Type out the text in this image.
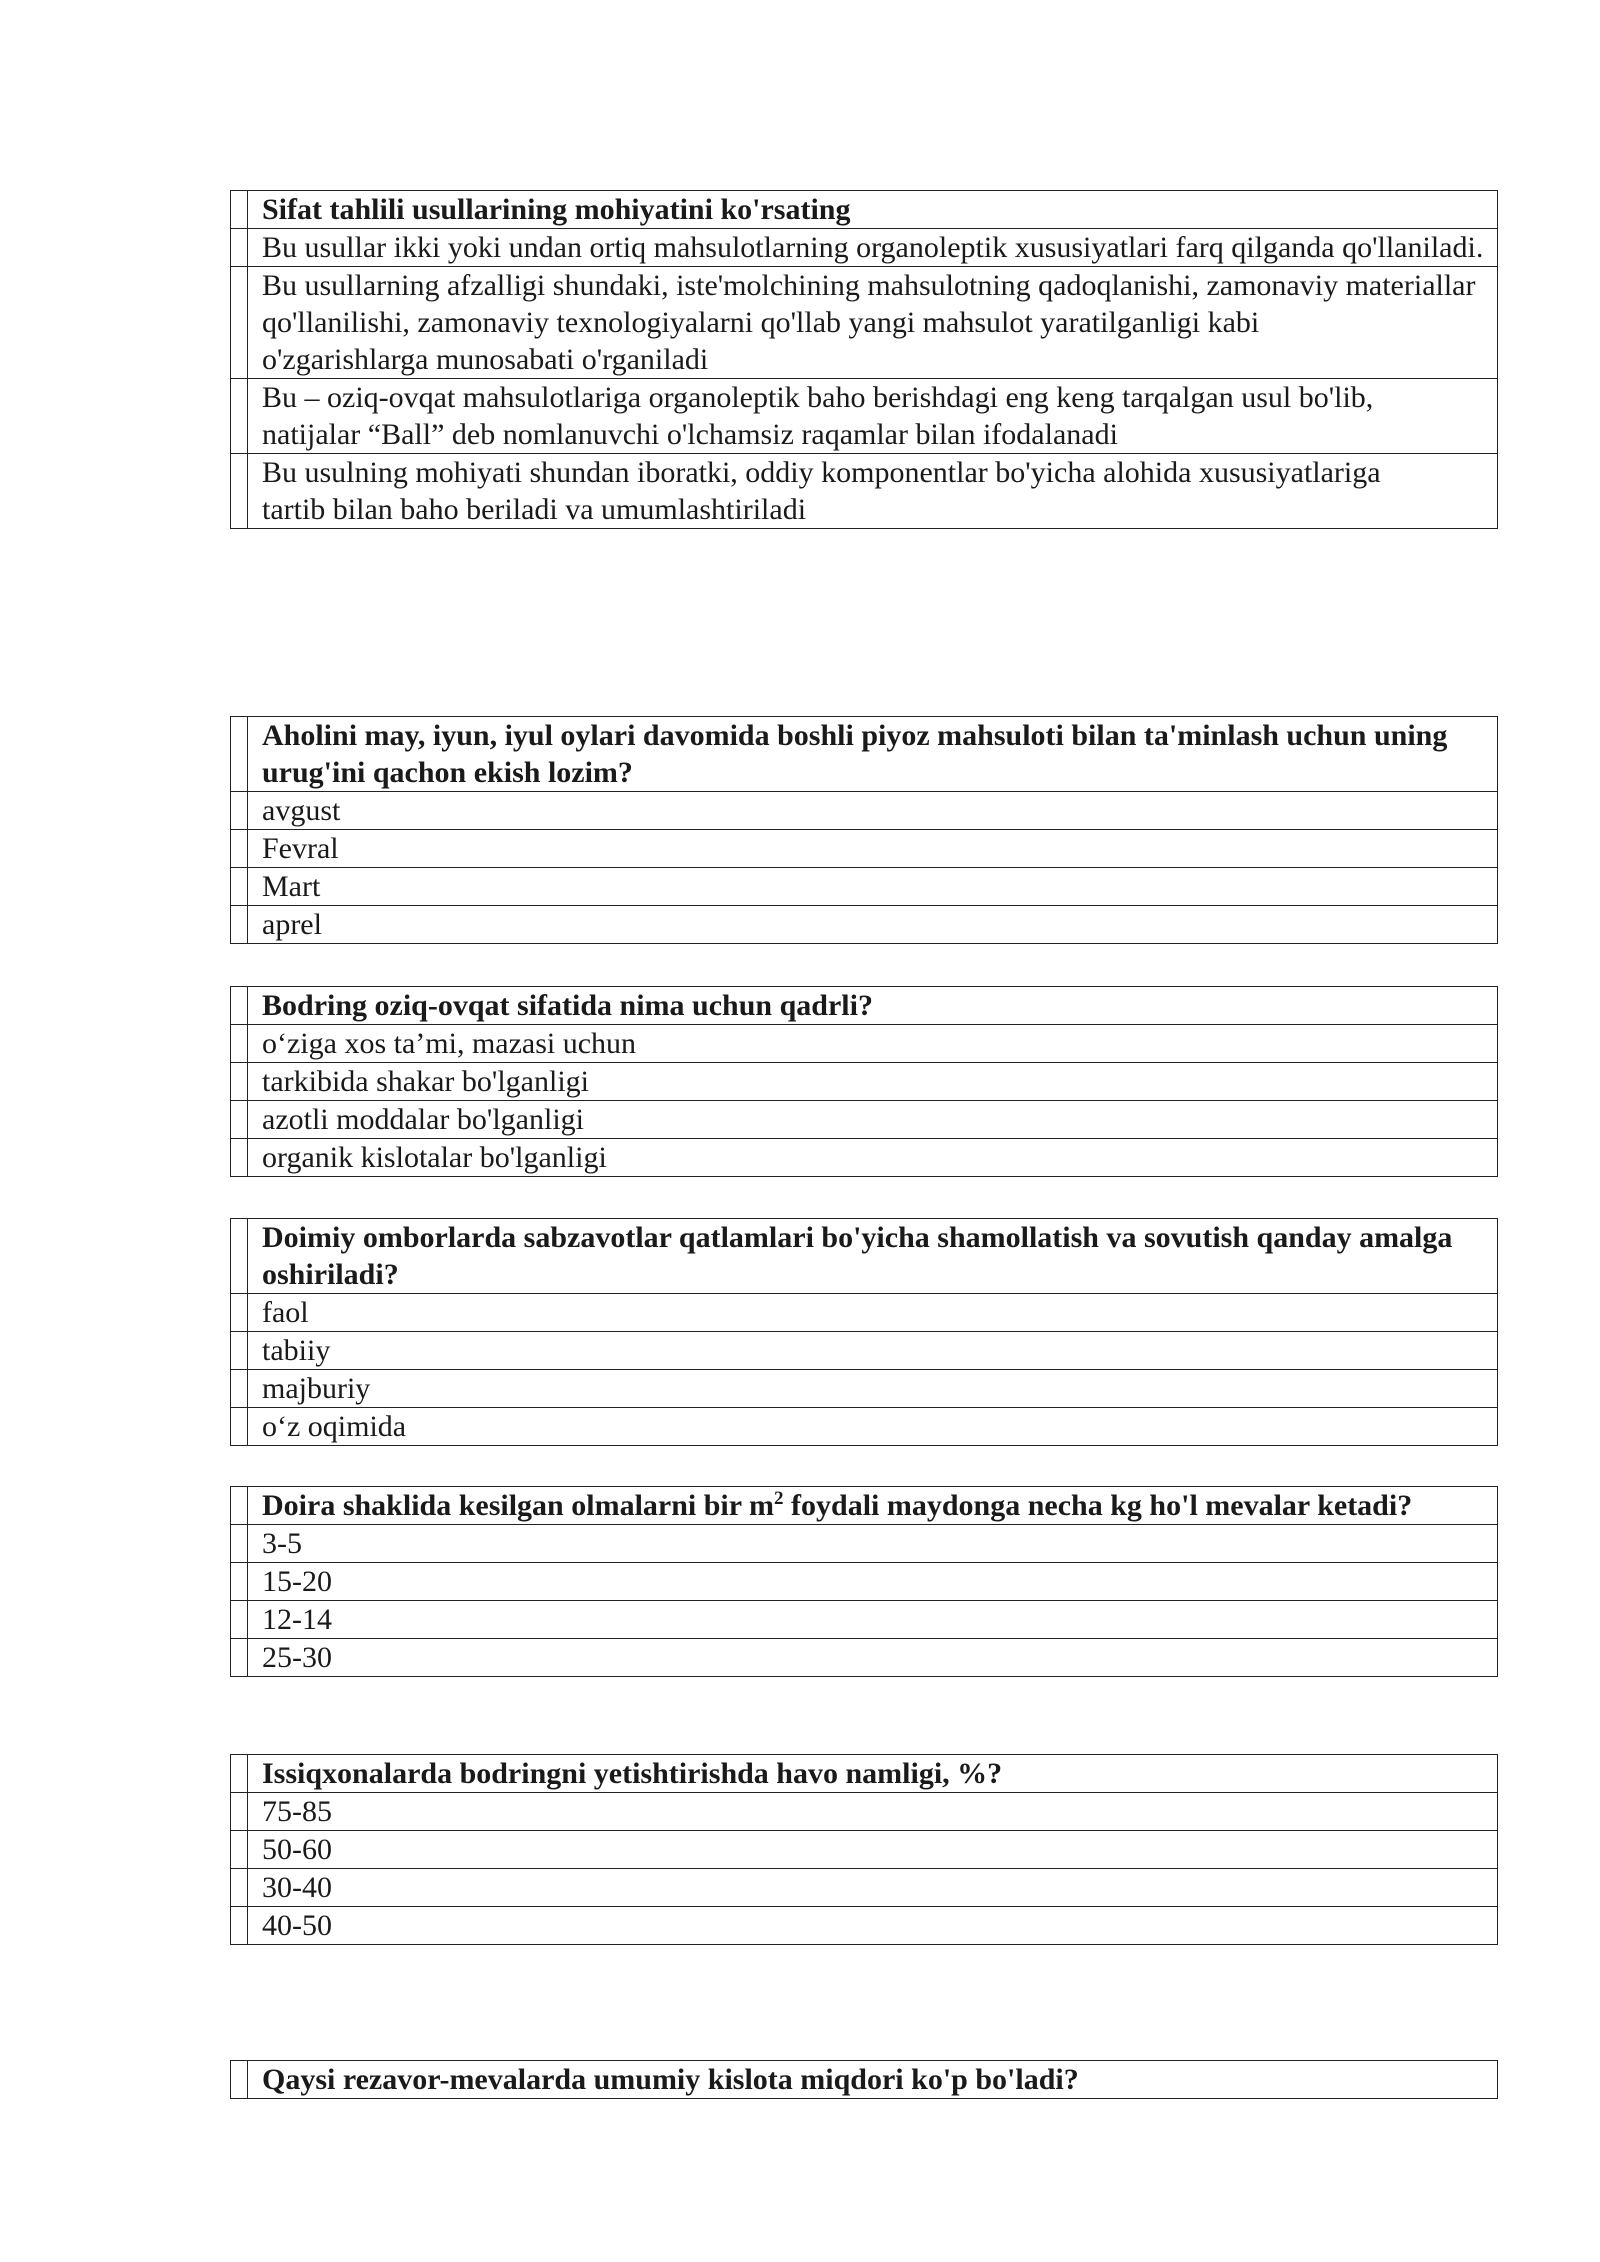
	Sifat tahlili usullarining mohiyatini ko'rsating
	Bu usullar ikki yoki undan ortiq mahsulotlarning organoleptik xususiyatlari farq qilganda qo'llaniladi.
	Bu usullarning afzalligi shundaki, iste'molchining mahsulotning qadoqlanishi, zamonaviy materiallar qo'llanilishi, zamonaviy texnologiyalarni qo'llab yangi mahsulot yaratilganligi kabi
o'zgarishlarga munosabati o'rganiladi
	Bu – oziq-ovqat mahsulotlariga organoleptik baho berishdagi eng keng tarqalgan usul bo'lib,
natijalar “Ball” deb nomlanuvchi o'lchamsiz raqamlar bilan ifodalanadi
	Bu usulning mohiyati shundan iboratki, oddiy komponentlar bo'yicha alohida xususiyatlariga
tartib bilan baho beriladi va umumlashtiriladi
	Aholini may, iyun, iyul oylari davomida boshli piyoz mahsuloti bilan ta'minlash uchun uning urug'ini qachon ekish lozim?
	avgust
	Fevral
	Mart
	aprel
	Bodring oziq-ovqat sifatida nima uchun qadrli?
	o‘ziga xos ta’mi, mazasi uchun
	tarkibida shakar bo'lganligi
	azotli moddalar bo'lganligi
	organik kislotalar bo'lganligi
	Doimiy omborlarda sabzavotlar qatlamlari bo'yicha shamollatish va sovutish qanday amalga oshiriladi?
	faol
	tabiiy
	majburiy
	o‘z oqimida
	Doira shaklida kesilgan olmalarni bir $m^2$ foydali maydonga necha kg ho'l mevalar ketadi?
	3-5
	15-20
	12-14
	25-30
	Issiqxonalarda bodringni yetishtirishda havo namligi, %?
	75-85
	50-60
	30-40
	40-50
	Qaysi rezavor-mevalarda umumiy kislota miqdori ko'p bo'ladi?
